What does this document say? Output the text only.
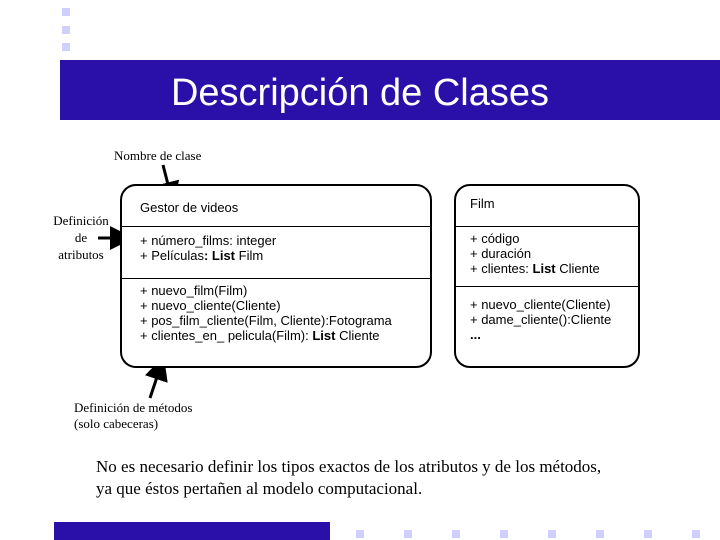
Descripción de Clases
Nombre de clase
Definición
de
atributos
Definición de métodos
(solo cabeceras)
Gestor de videos
+ número_films: integer
+ Películas: List Film
+ nuevo_film(Film)
+ nuevo_cliente(Cliente)
+ pos_film_cliente(Film, Cliente):Fotograma
+ clientes_en_ pelicula(Film): List Cliente
Film
+ código
+ duración
+ clientes: List Cliente
+ nuevo_cliente(Cliente)
+ dame_cliente():Cliente
...
No es necesario definir los tipos exactos de los atributos y de los métodos,
ya que éstos pertañen al modelo computacional.
